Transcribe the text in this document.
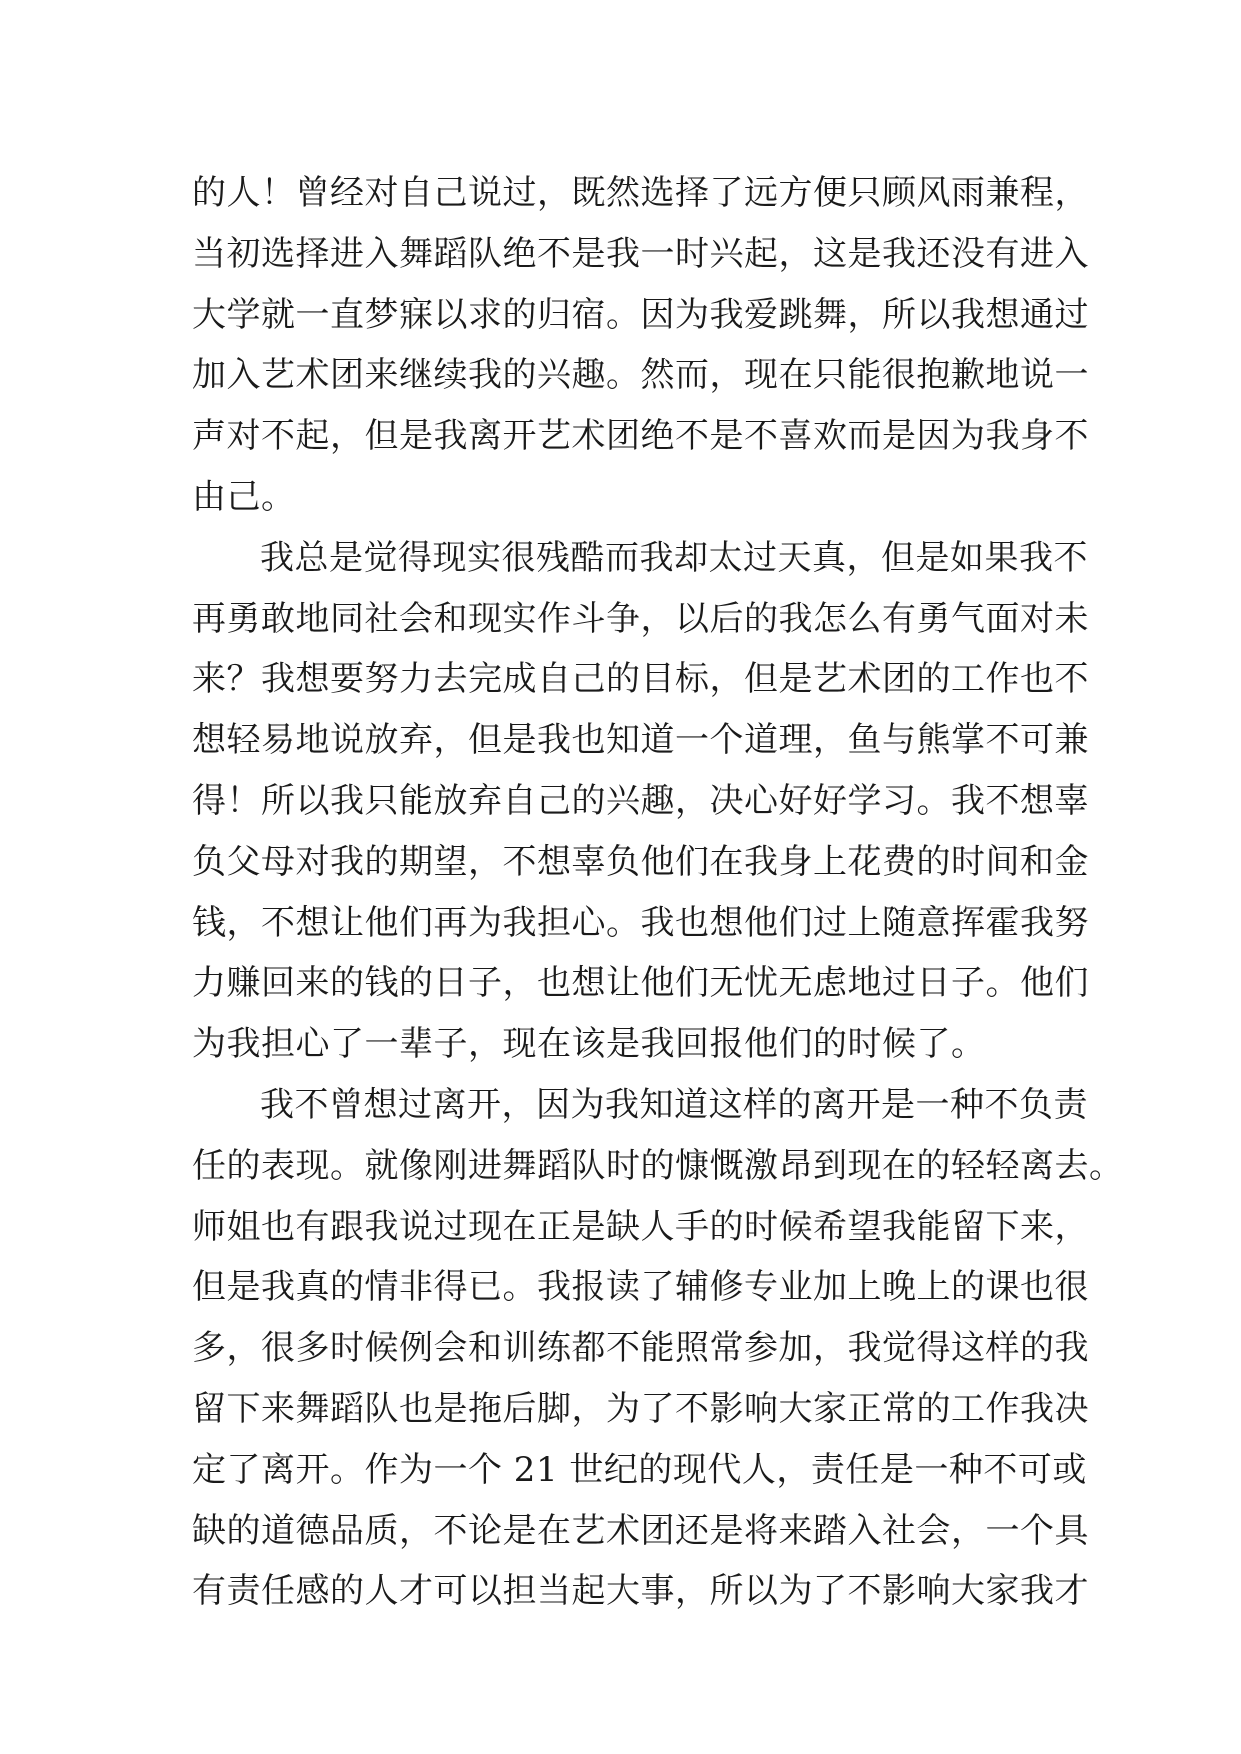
的人！曾经对自己说过，既然选择了远方便只顾风雨兼程，
当初选择进入舞蹈队绝不是我一时兴起，这是我还没有进入
大学就一直梦寐以求的归宿。因为我爱跳舞，所以我想通过
加入艺术团来继续我的兴趣。然而，现在只能很抱歉地说一
声对不起，但是我离开艺术团绝不是不喜欢而是因为我身不
由己。
我总是觉得现实很残酷而我却太过天真，但是如果我不
再勇敢地同社会和现实作斗争，以后的我怎么有勇气面对未
来？我想要努力去完成自己的目标，但是艺术团的工作也不
想轻易地说放弃，但是我也知道一个道理，鱼与熊掌不可兼
得！所以我只能放弃自己的兴趣，决心好好学习。我不想辜
负父母对我的期望，不想辜负他们在我身上花费的时间和金
钱，不想让他们再为我担心。我也想他们过上随意挥霍我努
力赚回来的钱的日子，也想让他们无忧无虑地过日子。他们
为我担心了一辈子，现在该是我回报他们的时候了。
我不曾想过离开，因为我知道这样的离开是一种不负责
任的表现。就像刚进舞蹈队时的慷慨激昂到现在的轻轻离去。
师姐也有跟我说过现在正是缺人手的时候希望我能留下来，
但是我真的情非得已。我报读了辅修专业加上晚上的课也很
多，很多时候例会和训练都不能照常参加，我觉得这样的我
留下来舞蹈队也是拖后脚，为了不影响大家正常的工作我决
定了离开。作为一个 21 世纪的现代人，责任是一种不可或
缺的道德品质，不论是在艺术团还是将来踏入社会，一个具
有责任感的人才可以担当起大事，所以为了不影响大家我才
